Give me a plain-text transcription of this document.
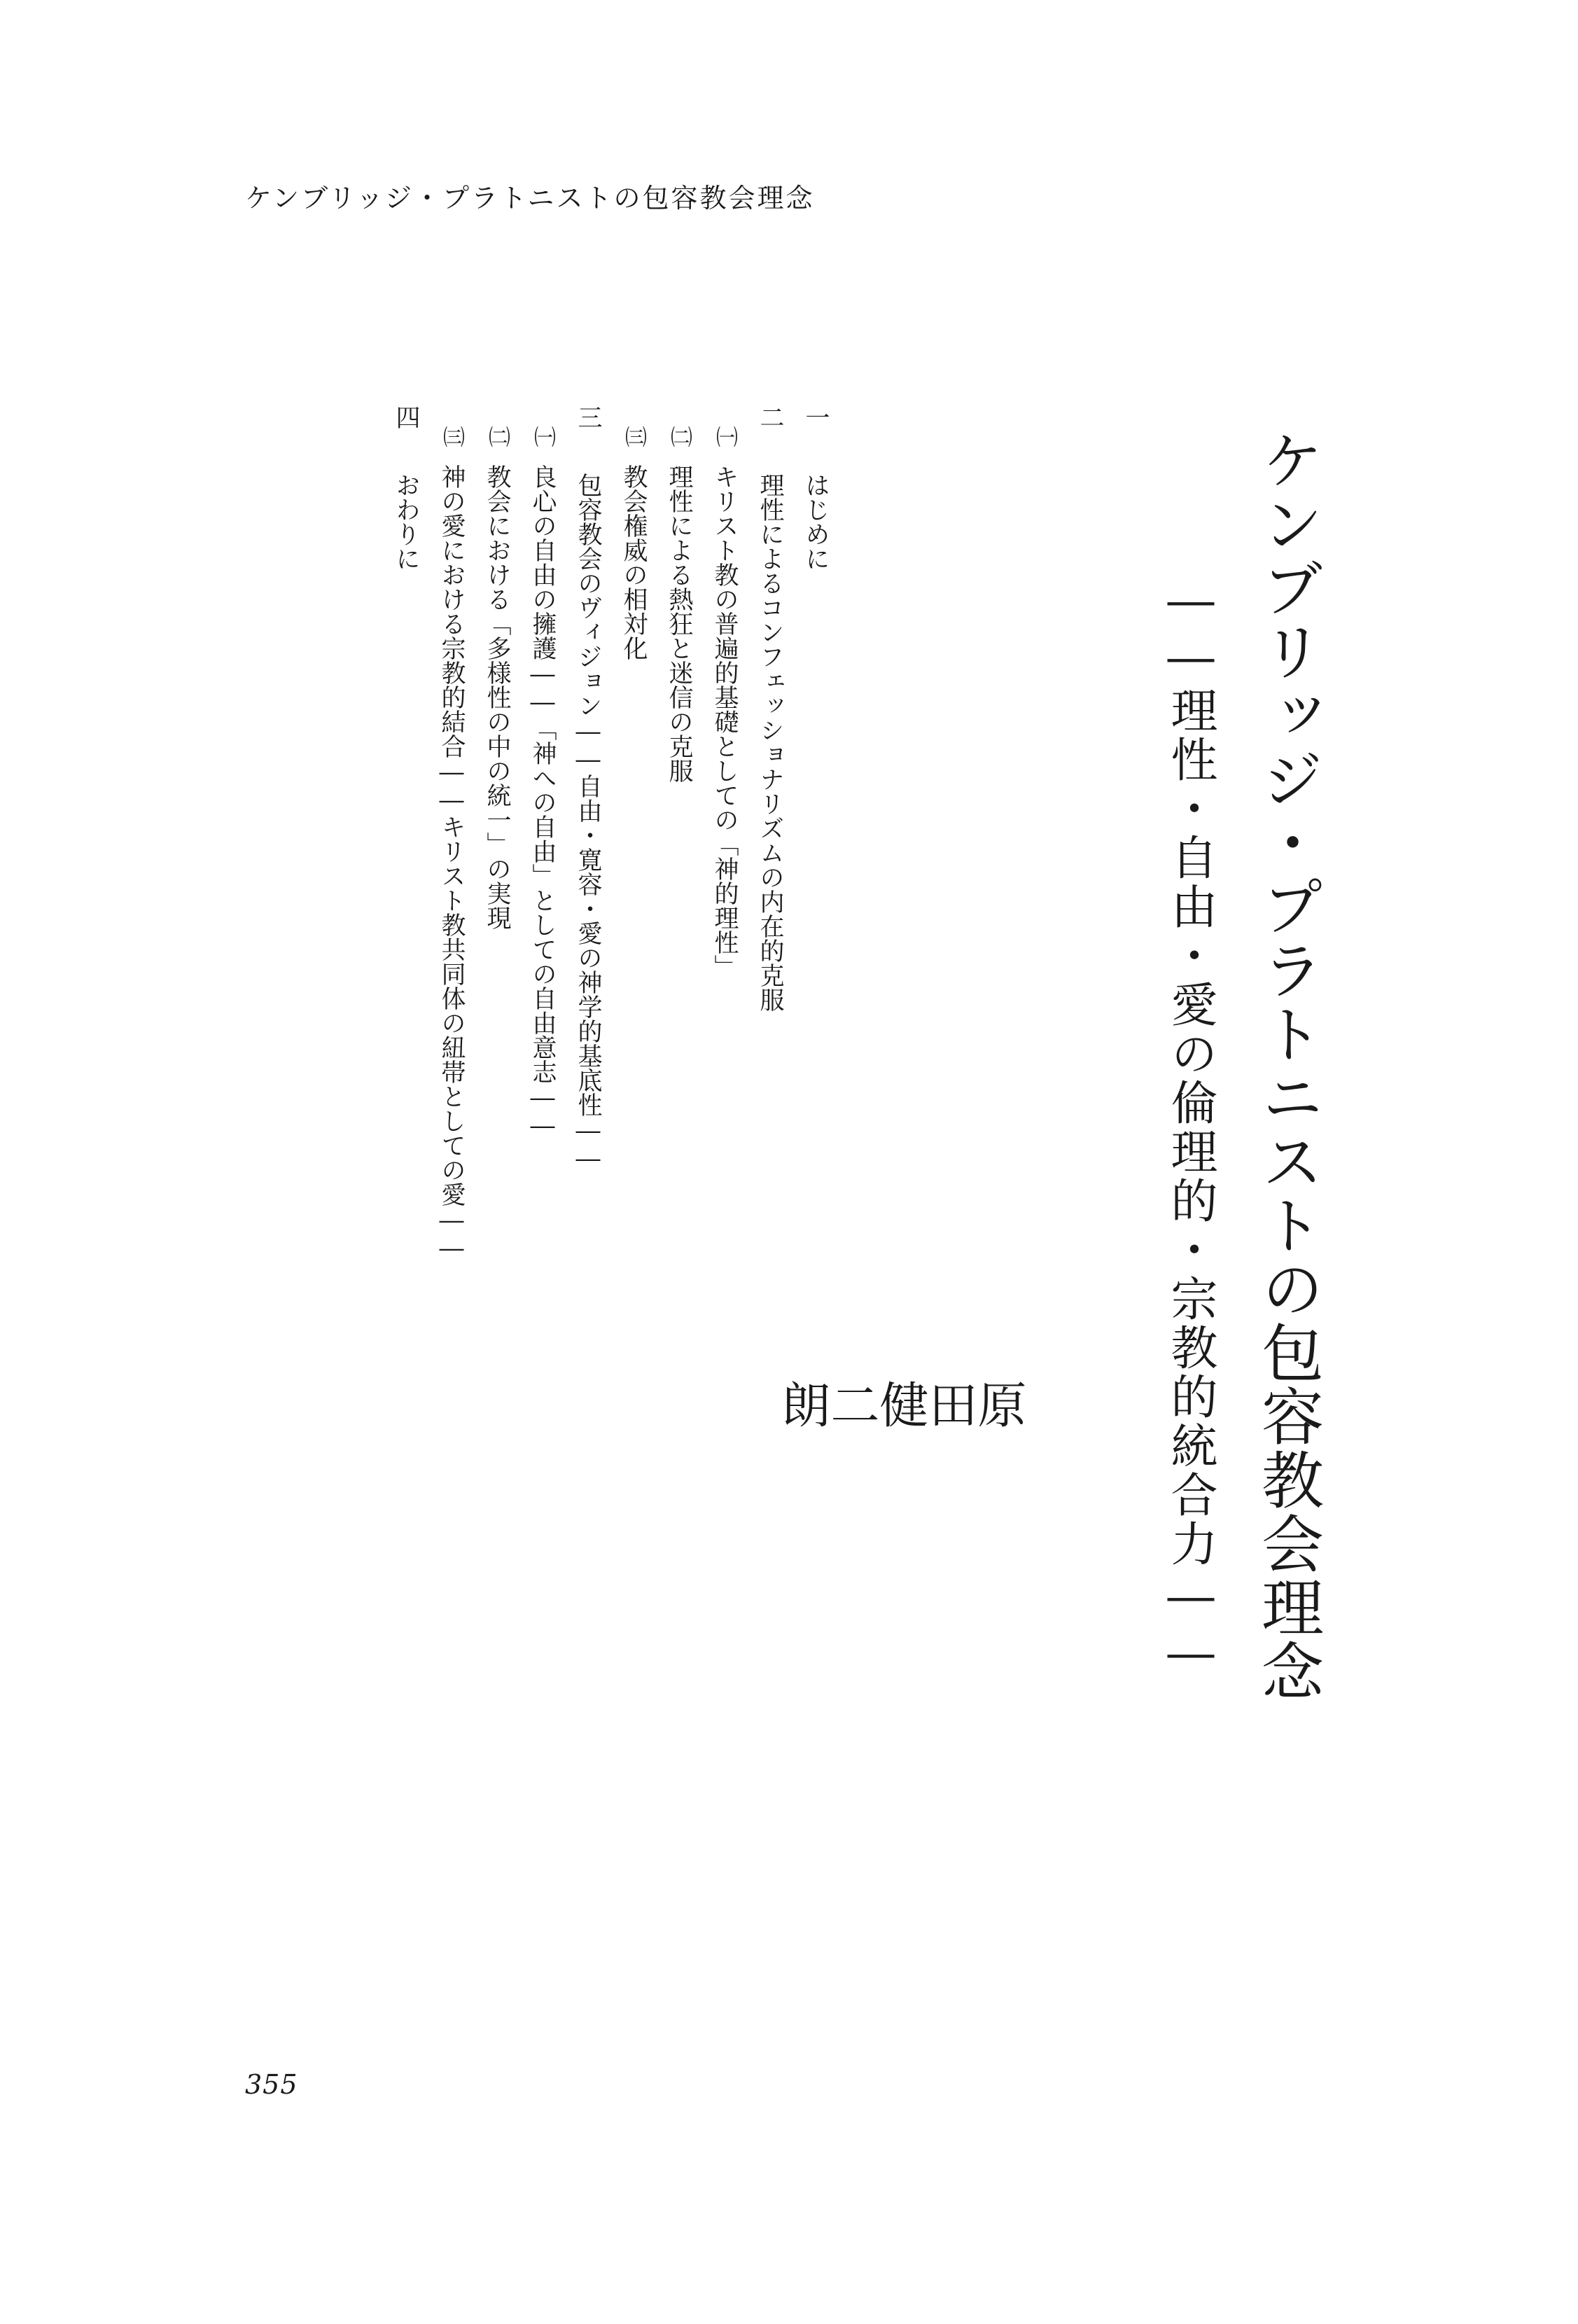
ケンブリッジ・プラトニストの包容教会理念
ケンブリッジ・プラトニストの包容教会理念
――理性・自由・愛の倫理的・宗教的統合力――
原
田
健
二
朗
一
はじめに
二
理性によるコンフェッショナリズムの内在的克服
㈠
キリスト教の普遍的基礎としての「神的理性」
㈡
理性による熱狂と迷信の克服
㈢
教会権威の相対化
三
包容教会のヴィジョン――自由・寛容・愛の神学的基底性――
㈠
良心の自由の擁護――「神への自由」としての自由意志――
㈡
教会における「多様性の中の統一」の実現
㈢
神の愛における宗教的結合――キリスト教共同体の紐帯としての愛――
四
おわりに
355
